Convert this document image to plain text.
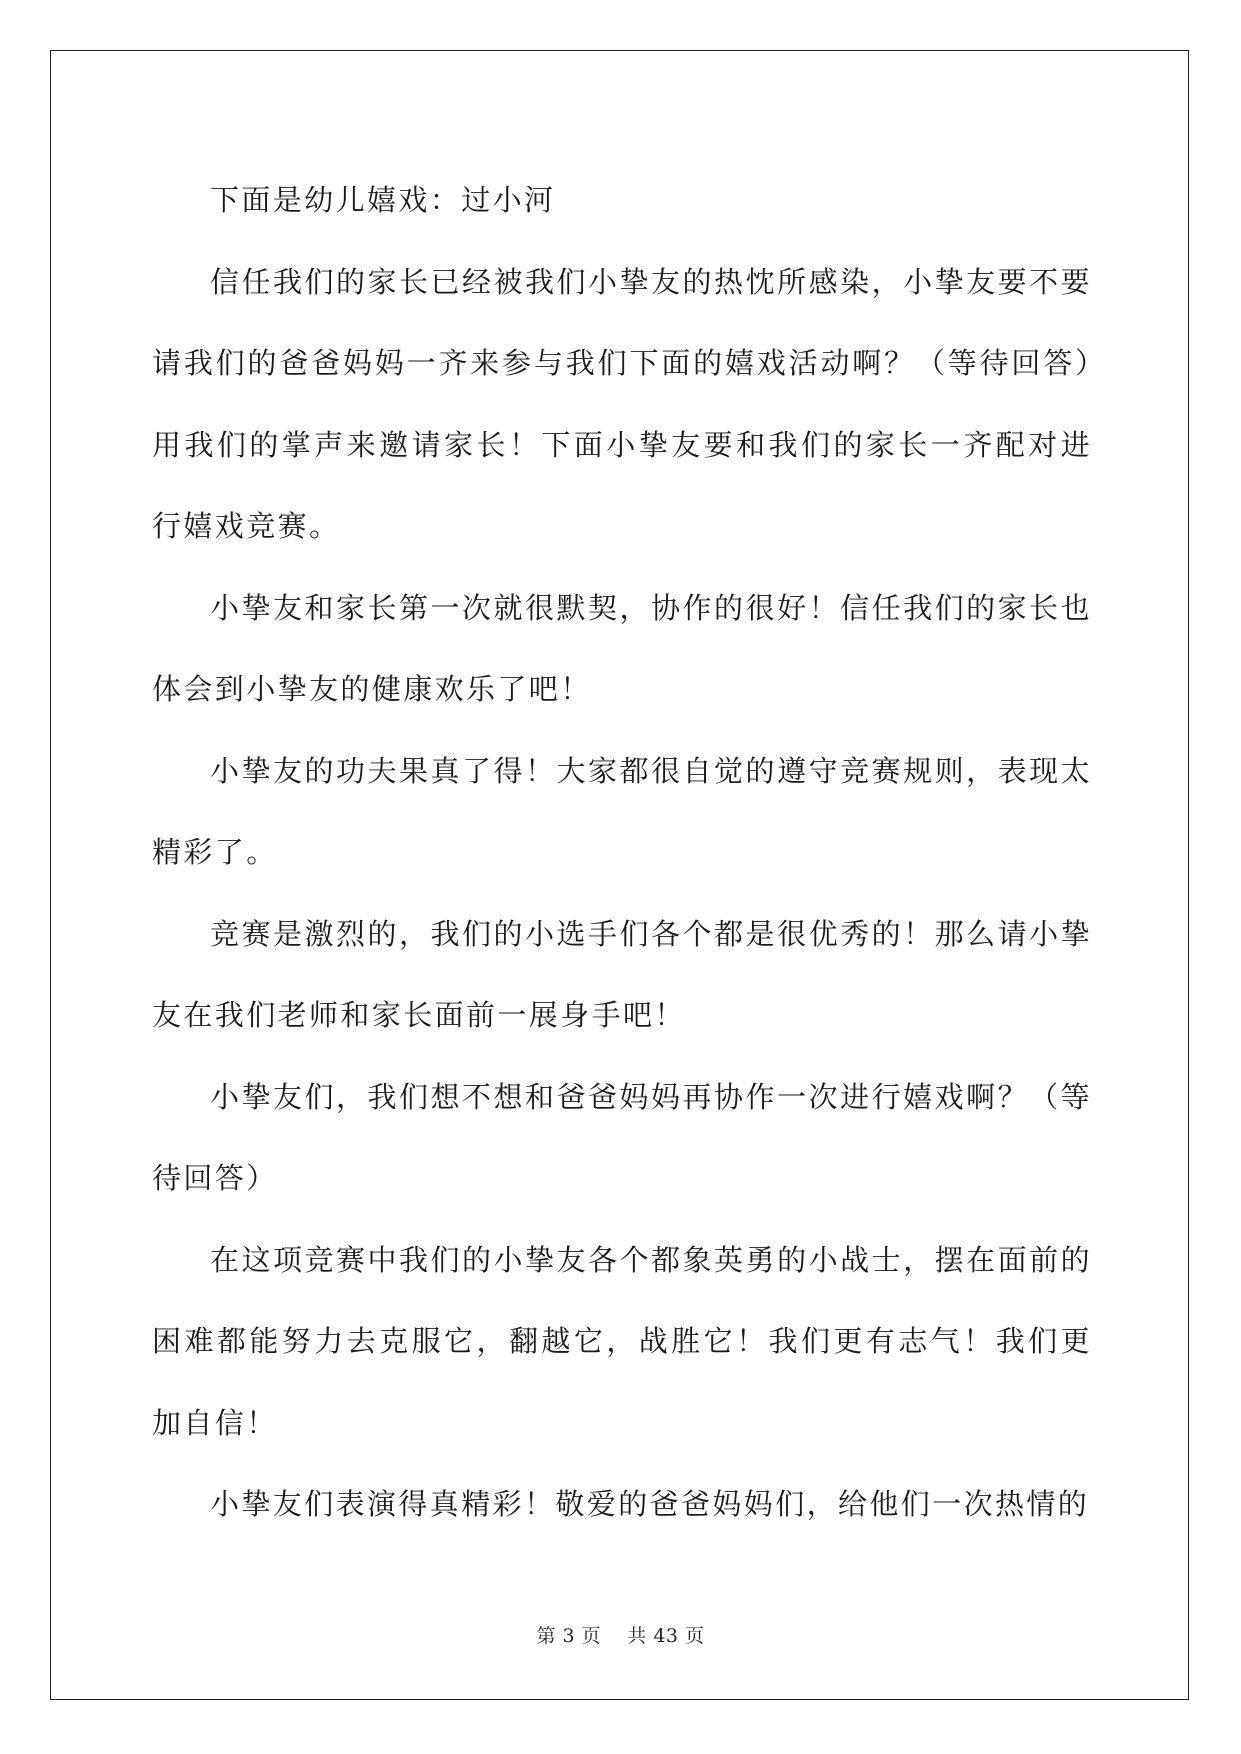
下面是幼儿嬉戏：过小河

信任我们的家长已经被我们小挚友的热忱所感染，小挚友要不要请我们的爸爸妈妈一齐来参与我们下面的嬉戏活动啊？（等待回答）用我们的掌声来邀请家长！下面小挚友要和我们的家长一齐配对进行嬉戏竞赛。

小挚友和家长第一次就很默契，协作的很好！信任我们的家长也体会到小挚友的健康欢乐了吧！

小挚友的功夫果真了得！大家都很自觉的遵守竞赛规则，表现太精彩了。

竞赛是激烈的，我们的小选手们各个都是很优秀的！那么请小挚友在我们老师和家长面前一展身手吧！

小挚友们，我们想不想和爸爸妈妈再协作一次进行嬉戏啊？（等待回答）

在这项竞赛中我们的小挚友各个都象英勇的小战士，摆在面前的困难都能努力去克服它，翻越它，战胜它！我们更有志气！我们更加自信！

小挚友们表演得真精彩！敬爱的爸爸妈妈们，给他们一次热情的

第 3 页    共 43 页
